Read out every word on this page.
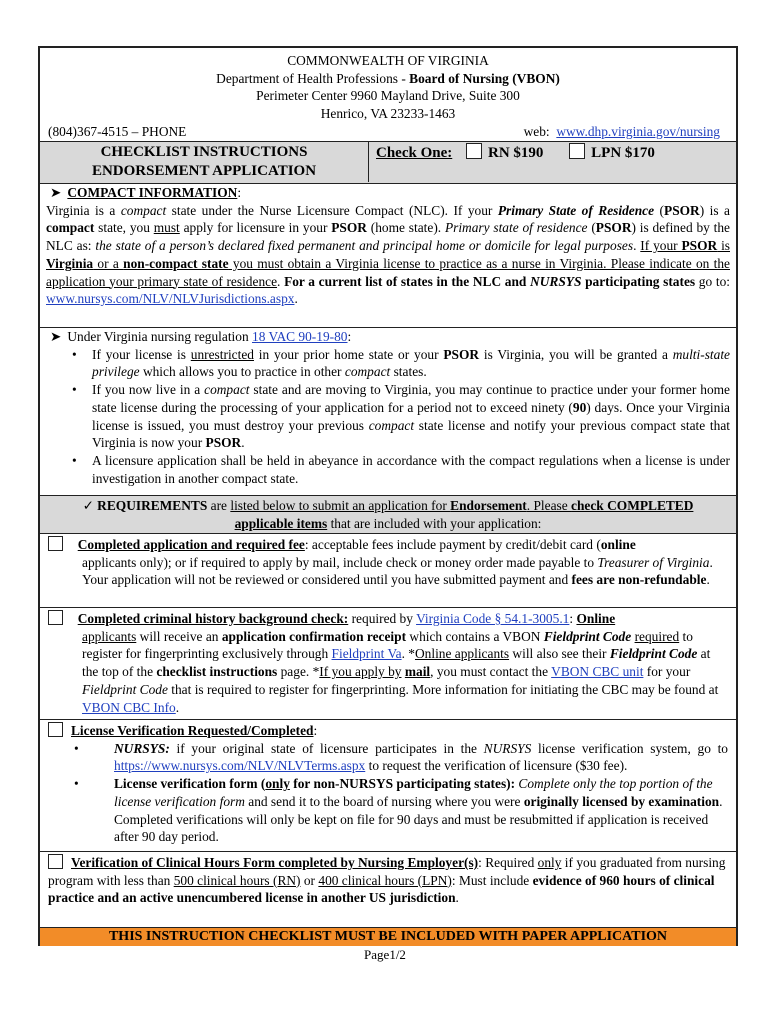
COMMONWEALTH OF VIRGINIA

Department of Health Professions - Board of Nursing (VBON)

Perimeter Center 9960 Mayland Drive, Suite 300

Henrico, VA 23233-1463

(804)367-4515 – PHONE	web: www.dhp.virginia.gov/nursing

CHECKLIST INSTRUCTIONS

ENDORSEMENT APPLICATION

Check One: RN $190	LPN $170

➤ COMPACT INFORMATION:

Virginia is a compact state under the Nurse Licensure Compact (NLC). If your Primary State of Residence (PSOR) is a compact state, you must apply for licensure in your PSOR (home state). Primary state of residence (PSOR) is defined by the NLC as: the state of a person’s declared fixed permanent and principal home or domicile for legal purposes. If your PSOR is Virginia or a non-compact state you must obtain a Virginia license to practice as a nurse in Virginia. Please indicate on the application your primary state of residence. For a current list of states in the NLC and NURSYS participating states go to: www.nursys.com/NLV/NLVJurisdictions.aspx.

➤ Under Virginia nursing regulation 18 VAC 90-19-80:

• If your license is unrestricted in your prior home state or your PSOR is Virginia, you will be granted a multi-state privilege which allows you to practice in other compact states.

• If you now live in a compact state and are moving to Virginia, you may continue to practice under your former home state license during the processing of your application for a period not to exceed ninety (90) days. Once your Virginia license is issued, you must destroy your previous compact state license and notify your previous compact state that Virginia is now your PSOR.

• A licensure application shall be held in abeyance in accordance with the compact regulations when a license is under investigation in another compact state.

✓ REQUIREMENTS are listed below to submit an application for Endorsement. Please check COMPLETED
applicable items that are included with your application:

Completed application and required fee: acceptable fees include payment by credit/debit card (online

applicants only); or if required to apply by mail, include check or money order made payable to Treasurer of Virginia. Your application will not be reviewed or considered until you have submitted payment and fees are non-refundable.

Completed criminal history background check: required by Virginia Code § 54.1-3005.1: Online

applicants will receive an application confirmation receipt which contains a VBON Fieldprint Code required to register for fingerprinting exclusively through Fieldprint Va. *Online applicants will also see their Fieldprint Code at the top of the checklist instructions page. *If you apply by mail, you must contact the VBON CBC unit for your Fieldprint Code that is required to register for fingerprinting. More information for initiating the CBC may be found at VBON CBC Info.

License Verification Requested/Completed:

• NURSYS: if your original state of licensure participates in the NURSYS license verification system, go to https://www.nursys.com/NLV/NLVTerms.aspx to request the verification of licensure ($30 fee).

• License verification form (only for non-NURSYS participating states): Complete only the top portion of the license verification form and send it to the board of nursing where you were originally licensed by examination. Completed verifications will only be kept on file for 90 days and must be resubmitted if application is received after 90 day period.

Verification of Clinical Hours Form completed by Nursing Employer(s): Required only if you graduated from nursing program with less than 500 clinical hours (RN) or 400 clinical hours (LPN): Must include evidence of 960 hours of clinical practice and an active unencumbered license in another US jurisdiction.

THIS INSTRUCTION CHECKLIST MUST BE INCLUDED WITH PAPER APPLICATION

Page1/2
